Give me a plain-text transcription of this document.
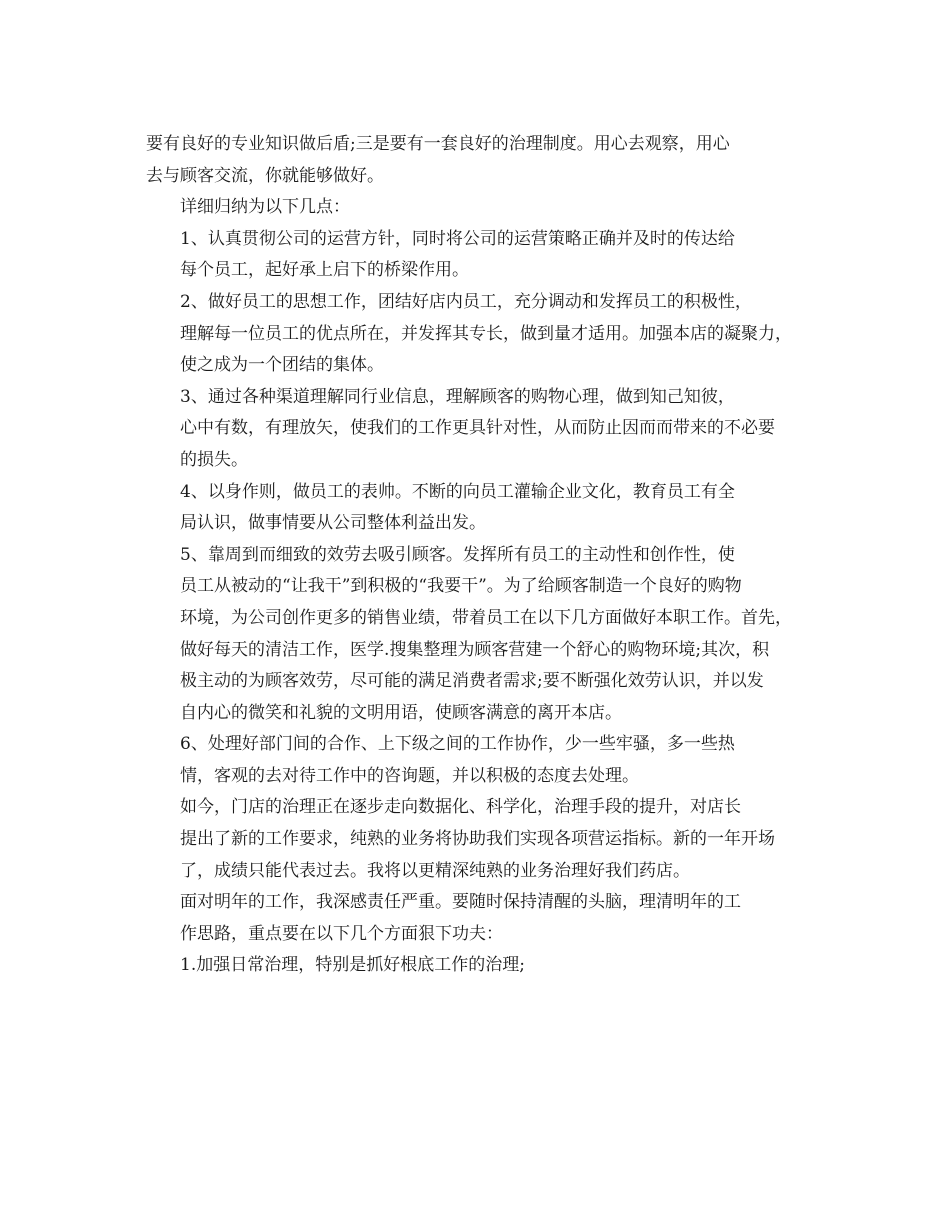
要有良好的专业知识做后盾;三是要有一套良好的治理制度。用心去观察，用心
去与顾客交流，你就能够做好。

详细归纳为以下几点：

1、认真贯彻公司的运营方针，同时将公司的运营策略正确并及时的传达给
每个员工，起好承上启下的桥梁作用。

2、做好员工的思想工作，团结好店内员工，充分调动和发挥员工的积极性，
理解每一位员工的优点所在，并发挥其专长，做到量才适用。加强本店的凝聚力，
使之成为一个团结的集体。

3、通过各种渠道理解同行业信息，理解顾客的购物心理，做到知己知彼，
心中有数，有理放矢，使我们的工作更具针对性，从而防止因而而带来的不必要
的损失。

4、以身作则，做员工的表帅。不断的向员工灌输企业文化，教育员工有全
局认识，做事情要从公司整体利益出发。

5、靠周到而细致的效劳去吸引顾客。发挥所有员工的主动性和创作性，使
员工从被动的“让我干”到积极的“我要干”。为了给顾客制造一个良好的购物
环境，为公司创作更多的销售业绩，带着员工在以下几方面做好本职工作。首先，
做好每天的清洁工作，医学.搜集整理为顾客营建一个舒心的购物环境;其次，积
极主动的为顾客效劳，尽可能的满足消费者需求;要不断强化效劳认识，并以发
自内心的微笑和礼貌的文明用语，使顾客满意的离开本店。

6、处理好部门间的合作、上下级之间的工作协作，少一些牢骚，多一些热
情，客观的去对待工作中的咨询题，并以积极的态度去处理。

如今，门店的治理正在逐步走向数据化、科学化，治理手段的提升，对店长
提出了新的工作要求，纯熟的业务将协助我们实现各项营运指标。新的一年开场
了，成绩只能代表过去。我将以更精深纯熟的业务治理好我们药店。

面对明年的工作，我深感责任严重。要随时保持清醒的头脑，理清明年的工
作思路，重点要在以下几个方面狠下功夫：

1.加强日常治理，特别是抓好根底工作的治理;
